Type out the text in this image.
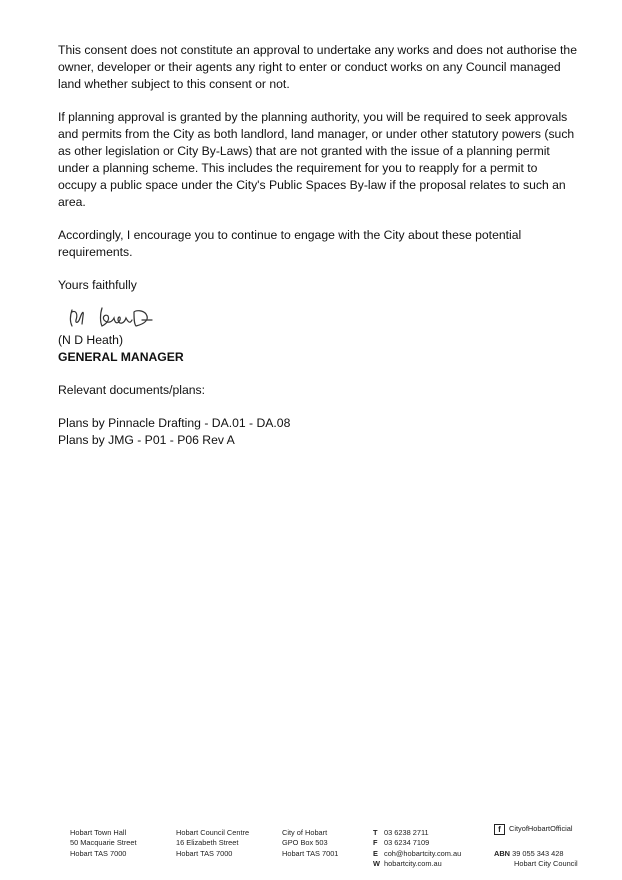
This consent does not constitute an approval to undertake any works and does not authorise the owner, developer or their agents any right to enter or conduct works on any Council managed land whether subject to this consent or not.

If planning approval is granted by the planning authority, you will be required to seek approvals and permits from the City as both landlord, land manager, or under other statutory powers (such as other legislation or City By-Laws) that are not granted with the issue of a planning permit under a planning scheme. This includes the requirement for you to reapply for a permit to occupy a public space under the City's Public Spaces By-law if the proposal relates to such an area.

Accordingly, I encourage you to continue to engage with the City about these potential requirements.

Yours faithfully

(N D Heath)
GENERAL MANAGER
Relevant documents/plans:
Plans by Pinnacle Drafting - DA.01 - DA.08
Plans by JMG - P01 - P06 Rev A
Hobart Town Hall
50 Macquarie Street
Hobart TAS 7000
Hobart Council Centre
16 Elizabeth Street
Hobart TAS 7000
City of Hobart
GPO Box 503
Hobart TAS 7001
T 03 6238 2711
F 03 6234 7109
E coh@hobartcity.com.au
W hobartcity.com.au
f	CityofHobartOfficial
ABN 39 055 343 428
Hobart City Council
